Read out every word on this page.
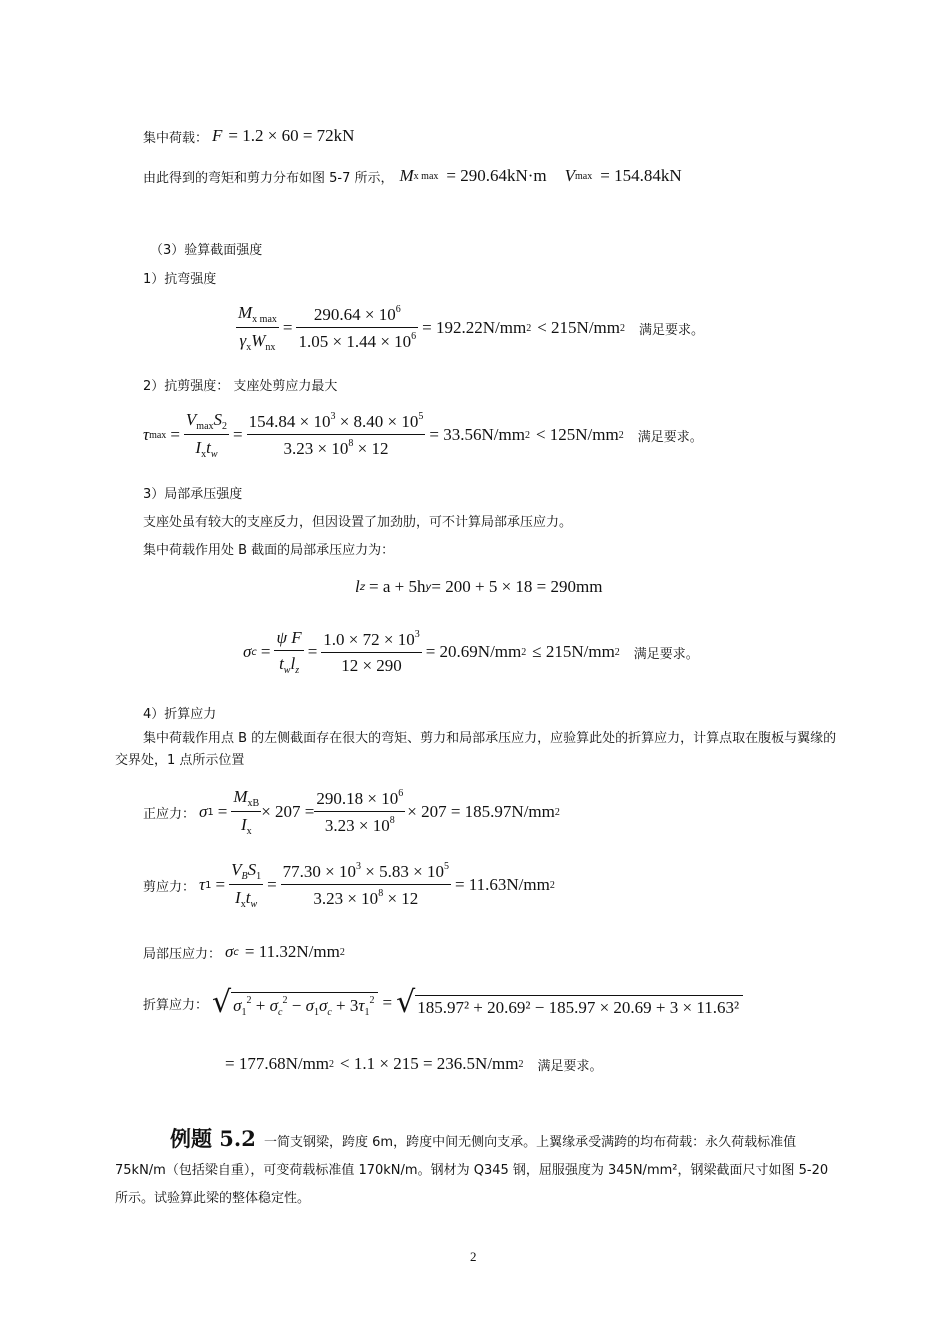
集中荷载： F = 1.2 × 60 = 72kN
由此得到的弯矩和剪力分布如图 5-7 所示， M x max = 290.64kN·m V max = 154.84kN
（3）验算截面强度
1）抗弯强度
$\frac{M_{x max}}{\gamma_xW_{nx}} = \frac{290.64 \times 10^6}{1.05 \times 1.44 \times 10^6} = 192.22N/mm$ 2 < 215N/mm 2 满足要求。
2）抗剪强度： 支座处剪应力最大
τ $\max = \frac{V_{max}S_2}{I_xt_w} = \frac{154.84 \times 10^3 \times 8.40 \times 10^5}{3.23 \times 10^8 \times 12} = 33.56N/mm$ 2 < 125N/mm 2 满足要求。
3）局部承压强度
支座处虽有较大的支座反力，但因设置了加劲肋，可不计算局部承压应力。
集中荷载作用处 B 截面的局部承压应力为：
l z = a + 5h y = 200 + 5 × 18 = 290mm
σ $c = \frac{\text{ψ F}}{t_wl_z} = \frac{1.0 \times 72 \times 10^3}{12 \times 290} = 20.69N/mm$ 2 ≤ 215N/mm 2 满足要求。
4）折算应力
集中荷载作用点 B 的左侧截面存在很大的弯矩、剪力和局部承压应力，应验算此处的折算应力，计算点取在腹板与翼缘的交界处，1 点所示位置
正应力： σ $1 = \frac{M_{xB}}{I_x} \times 207 = \frac{290.18 \times 10^6}{3.23 \times 10^8} \times 207 = 185.97N/mm$ 2
剪应力： τ $1 = \frac{V_BS_1}{I_xt_w} = \frac{77.30 \times 10^3 \times 5.83 \times 10^5}{3.23 \times 10^8 \times 12} = 11.63N/mm$ 2
局部压应力： σ c = 11.32N/mm 2
折算应力： √ $\sigma_1^2 + \sigma_c^2 - \sigma_1\sigma_c + 3\tau_1^2$ = √ 185.97² + 20.69² − 185.97 × 20.69 + 3 × 11.63²
= 177.68N/mm 2 < 1.1 × 215 = 236.5N/mm 2 满足要求。
例题 5.2 一简支钢梁，跨度 6m，跨度中间无侧向支承。上翼缘承受满跨的均布荷载：永久荷载标准值 75kN/m（包括梁自重），可变荷载标准值 170kN/m。钢材为 Q345 钢，屈服强度为 345N/mm²，钢梁截面尺寸如图 5-20 所示。试验算此梁的整体稳定性。
2
